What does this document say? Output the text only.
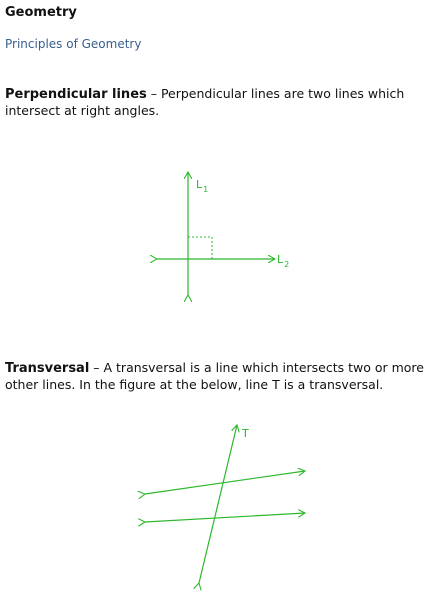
Geometry
Principles of Geometry
Perpendicular lines – Perpendicular lines are two lines which intersect at right angles.
$L_1$
$L_2$
T
Transversal – A transversal is a line which intersects two or more other lines. In the figure at the below, line T is a transversal.
